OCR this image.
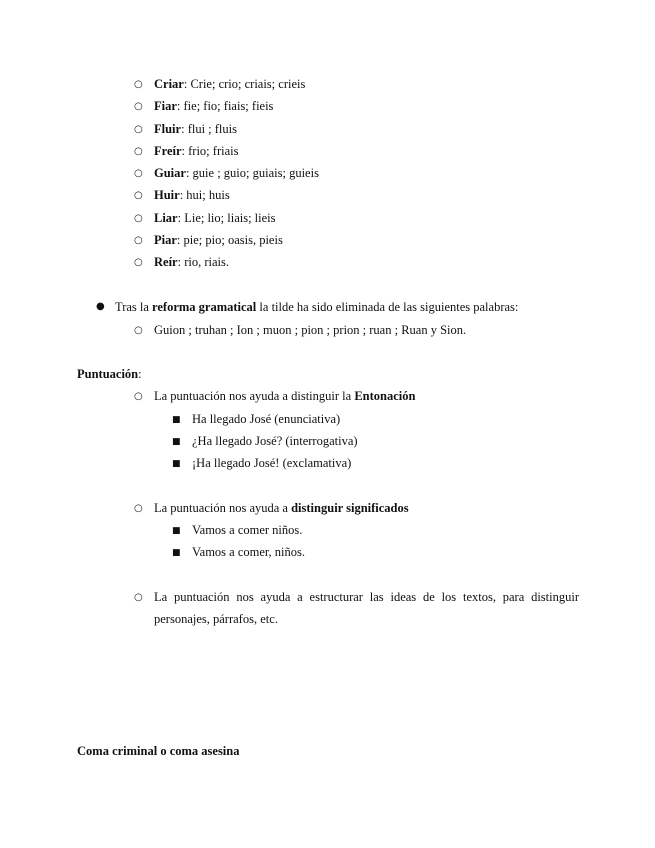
○ Criar: Crie; crio; criais; crieis
○ Fiar: fie; fio; fiais; fieis
○ Fluir: flui ; fluis
○ Freír: frio; friais
○ Guiar: guie ; guio; guiais; guieis
○ Huir: hui; huis
○ Liar: Lie; lio; liais; lieis
○ Piar: pie; pio; oasis, pieis
○ Reír: rio, riais.
● Tras la reforma gramatical la tilde ha sido eliminada de las siguientes palabras:
○ Guion ; truhan ; Ion ; muon ; pion ; prion ; ruan ; Ruan y Sion.
Puntuación:
○ La puntuación nos ayuda a distinguir la Entonación
■ Ha llegado José (enunciativa)
■ ¿Ha llegado José? (interrogativa)
■ ¡Ha llegado José! (exclamativa)
○ La puntuación nos ayuda a distinguir significados
■ Vamos a comer niños.
■ Vamos a comer, niños.
○ La puntuación nos ayuda a estructurar las ideas de los textos, para distinguir personajes, párrafos, etc.
Coma criminal o coma asesina
